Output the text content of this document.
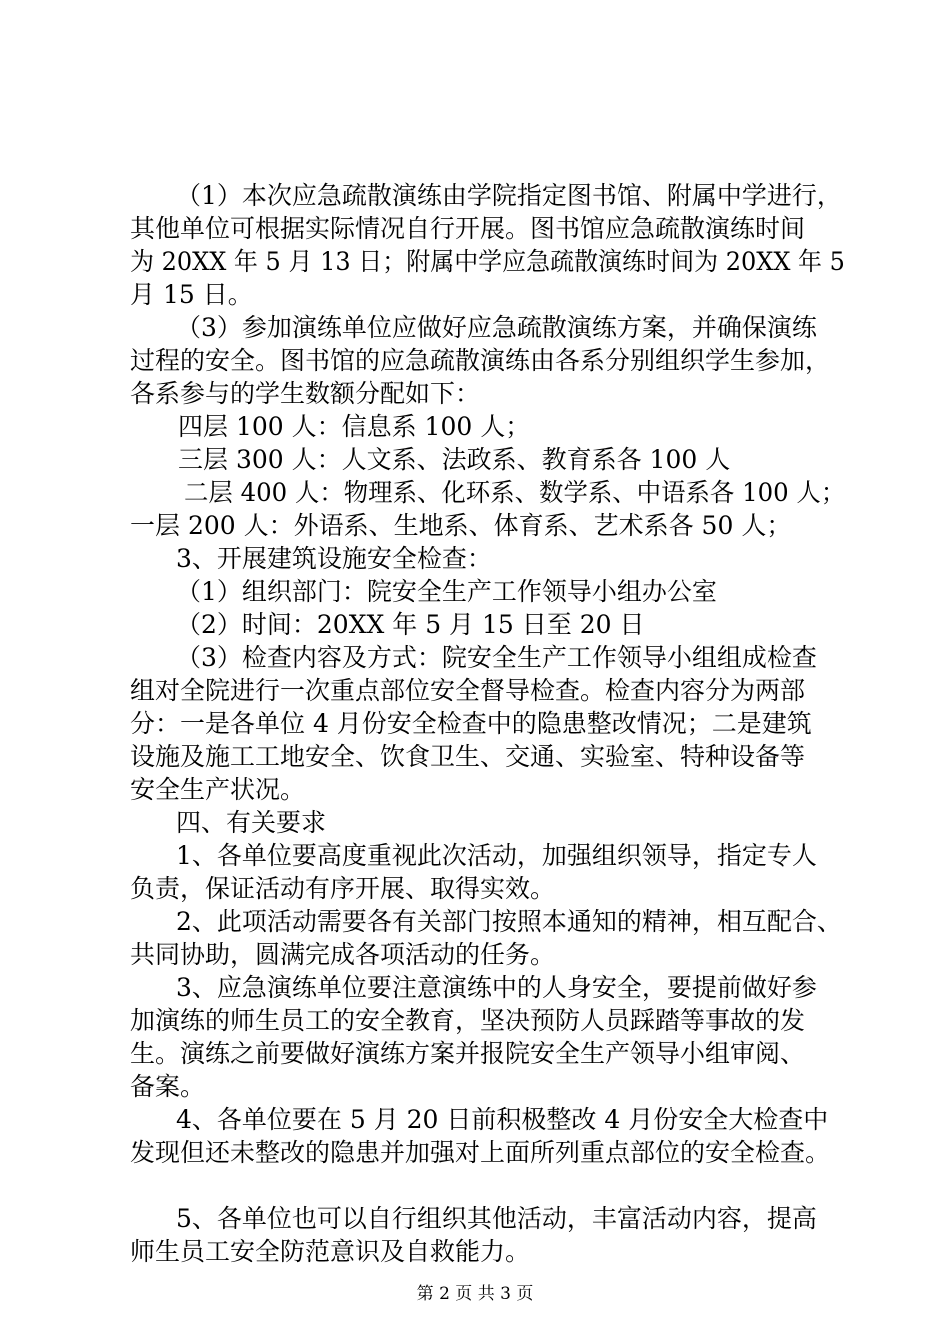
（1）本次应急疏散演练由学院指定图书馆、附属中学进行，
其他单位可根据实际情况自行开展。图书馆应急疏散演练时间
为 20XX 年 5 月 13 日；附属中学应急疏散演练时间为 20XX 年 5
月 15 日。
（3）参加演练单位应做好应急疏散演练方案，并确保演练
过程的安全。图书馆的应急疏散演练由各系分别组织学生参加，
各系参与的学生数额分配如下：
四层 100 人：信息系 100 人；
三层 300 人：人文系、法政系、教育系各 100 人
二层 400 人：物理系、化环系、数学系、中语系各 100 人；
一层 200 人：外语系、生地系、体育系、艺术系各 50 人；
3、开展建筑设施安全检查：
（1）组织部门：院安全生产工作领导小组办公室
（2）时间：20XX 年 5 月 15 日至 20 日
（3）检查内容及方式：院安全生产工作领导小组组成检查
组对全院进行一次重点部位安全督导检查。检查内容分为两部
分：一是各单位 4 月份安全检查中的隐患整改情况；二是建筑
设施及施工工地安全、饮食卫生、交通、实验室、特种设备等
安全生产状况。
四、有关要求
1、各单位要高度重视此次活动，加强组织领导，指定专人
负责，保证活动有序开展、取得实效。
2、此项活动需要各有关部门按照本通知的精神，相互配合、
共同协助，圆满完成各项活动的任务。
3、应急演练单位要注意演练中的人身安全，要提前做好参
加演练的师生员工的安全教育，坚决预防人员踩踏等事故的发
生。演练之前要做好演练方案并报院安全生产领导小组审阅、
备案。
4、各单位要在 5 月 20 日前积极整改 4 月份安全大检查中
发现但还未整改的隐患并加强对上面所列重点部位的安全检查。
5、各单位也可以自行组织其他活动，丰富活动内容，提高
师生员工安全防范意识及自救能力。
第 2 页 共 3 页
